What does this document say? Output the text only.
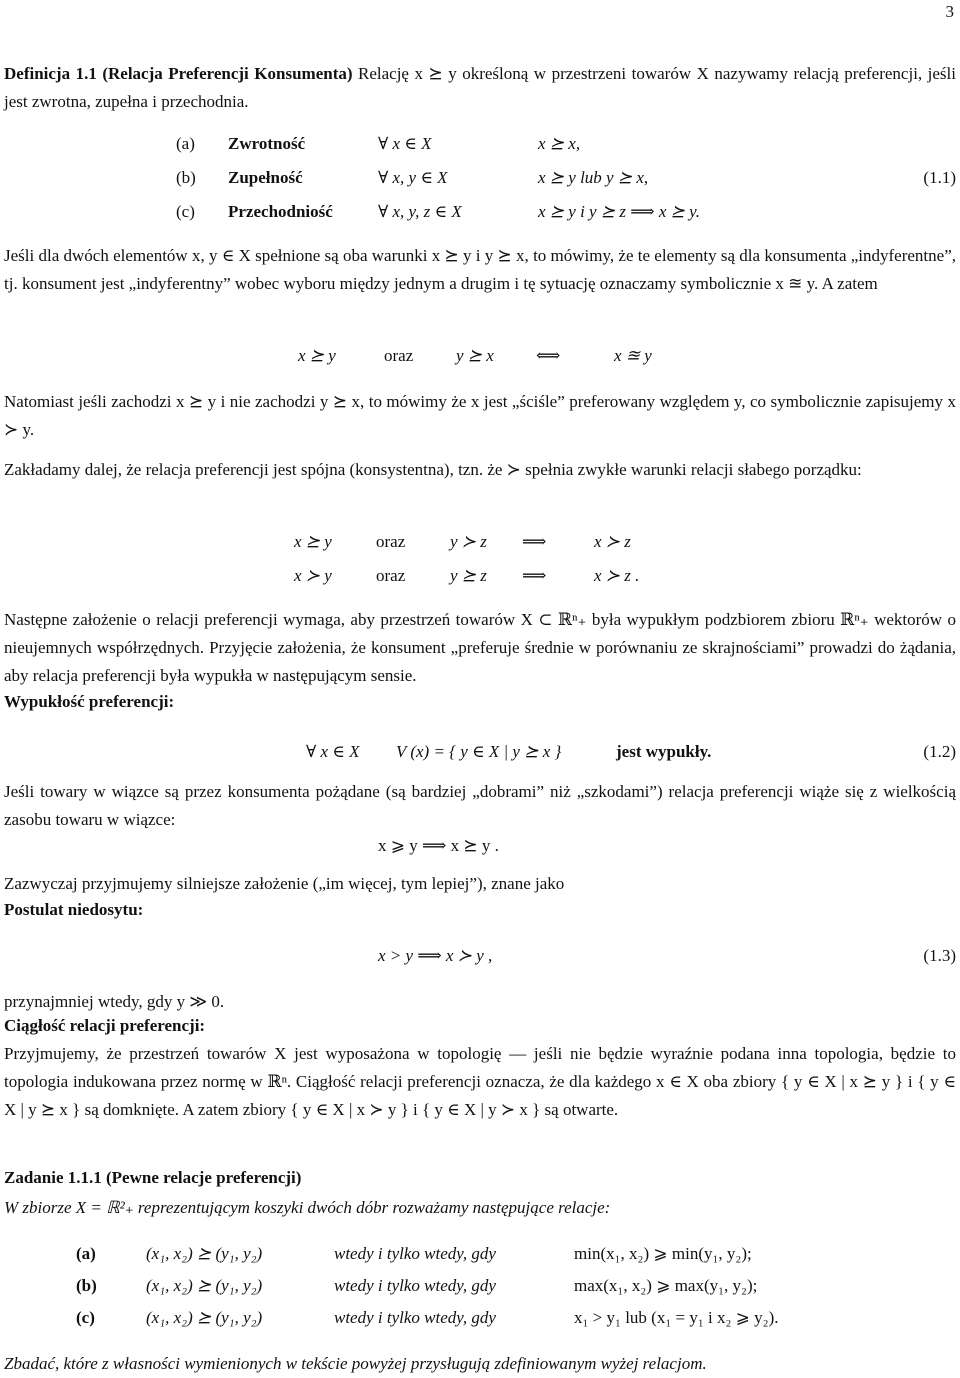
3
Definicja 1.1 (Relacja Preferencji Konsumenta) Relację x ⪰ y określoną w przestrzeni towarów X nazywamy relacją preferencji, jeśli jest zwrotna, zupełna i przechodnia.
(a) Zwrotność	∀ x ∈ X	x ⪰ x,
(b) Zupełność	∀ x, y ∈ X	x ⪰ y lub y ⪰ x,	(1.1)
(c) Przechodniość	∀ x, y, z ∈ X	x ⪰ y i y ⪰ z ⟹ x ⪰ y.
Jeśli dla dwóch elementów x, y ∈ X spełnione są oba warunki x ⪰ y i y ⪰ x, to mówimy, że te elementy są dla konsumenta „indyferentne”, tj. konsument jest „indyferentny” wobec wyboru między jednym a drugim i tę sytuację oznaczamy symbolicznie x ≊ y. A zatem
x ⪰ y	oraz	y ⪰ x ⟺	x ≊ y
Natomiast jeśli zachodzi x ⪰ y i nie zachodzi y ⪰ x, to mówimy że x jest „ściśle” preferowany względem y, co symbolicznie zapisujemy x ≻ y.
Zakładamy dalej, że relacja preferencji jest spójna (konsystentna), tzn. że ≻ spełnia zwykłe warunki relacji słabego porządku:
x ⪰ y	oraz	y ≻ z ⟹	x ≻ z
x ≻ y	oraz	y ⪰ z ⟹	x ≻ z .
Następne założenie o relacji preferencji wymaga, aby przestrzeń towarów X ⊂ ℝⁿ₊ była wypukłym podzbiorem zbioru ℝⁿ₊ wektorów o nieujemnych współrzędnych. Przyjęcie założenia, że konsument „preferuje średnie w porównaniu ze skrajnościami” prowadzi do żądania, aby relacja preferencji była wypukła w następującym sensie.
Wypukłość preferencji:
∀ x ∈ X V (x) = { y ∈ X | y ⪰ x }	jest wypukły.	(1.2)
Jeśli towary w wiązce są przez konsumenta pożądane (są bardziej „dobrami” niż „szkodami”) relacja preferencji wiąże się z wielkością zasobu towaru w wiązce:
x ⩾ y ⟹ x ⪰ y .
Zazwyczaj przyjmujemy silniejsze założenie („im więcej, tym lepiej”), znane jako
Postulat niedosytu:
x > y ⟹ x ≻ y ,	(1.3)
przynajmniej wtedy, gdy y ≫ 0.
Ciągłość relacji preferencji:
Przyjmujemy, że przestrzeń towarów X jest wyposażona w topologię — jeśli nie będzie wyraźnie podana inna topologia, będzie to topologia indukowana przez normę w ℝⁿ. Ciągłość relacji preferencji oznacza, że dla każdego x ∈ X oba zbiory { y ∈ X | x ⪰ y } i { y ∈ X | y ⪰ x } są domknięte. A zatem zbiory { y ∈ X | x ≻ y } i { y ∈ X | y ≻ x } są otwarte.
Zadanie 1.1.1 (Pewne relacje preferencji)
W zbiorze X = ℝ²₊ reprezentującym koszyki dwóch dóbr rozważamy następujące relacje:
(a)	(x₁, x₂) ⪰ (y₁, y₂)	wtedy i tylko wtedy, gdy	min(x₁, x₂) ⩾ min(y₁, y₂);
(b)	(x₁, x₂) ⪰ (y₁, y₂)	wtedy i tylko wtedy, gdy	max(x₁, x₂) ⩾ max(y₁, y₂);
(c)	(x₁, x₂) ⪰ (y₁, y₂)	wtedy i tylko wtedy, gdy	x₁ > y₁ lub (x₁ = y₁ i x₂ ⩾ y₂).
Zbadać, które z własności wymienionych w tekście powyżej przysługują zdefiniowanym wyżej relacjom.
